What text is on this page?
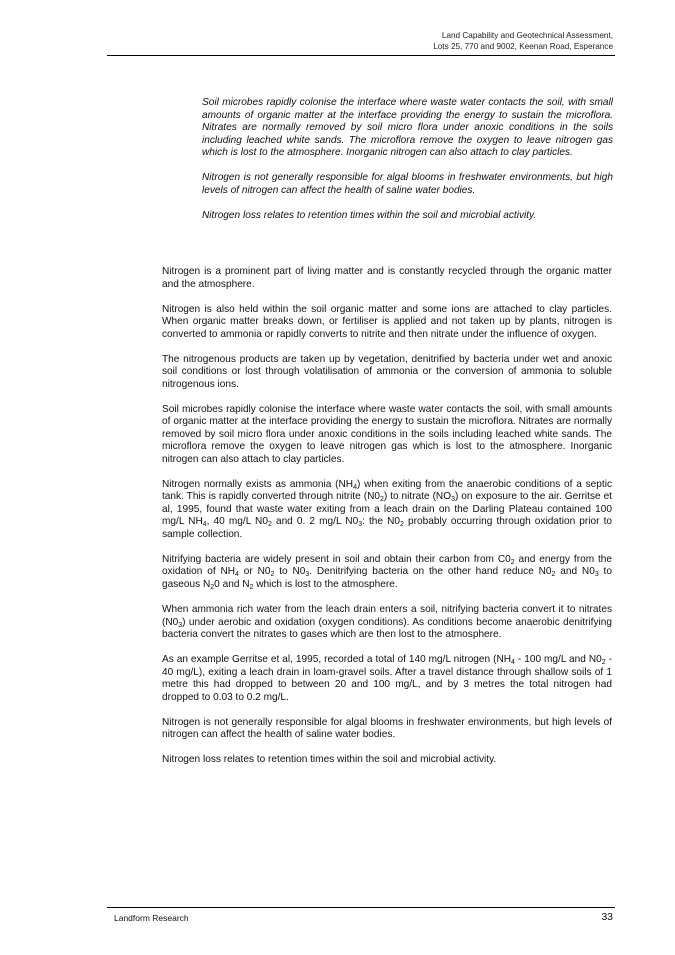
Land Capability and Geotechnical Assessment,
Lots 25, 770 and 9002, Keenan Road, Esperance

Soil microbes rapidly colonise the interface where waste water contacts the soil, with small amounts of organic matter at the interface providing the energy to sustain the microflora. Nitrates are normally removed by soil micro flora under anoxic conditions in the soils including leached white sands. The microflora remove the oxygen to leave nitrogen gas which is lost to the atmosphere. Inorganic nitrogen can also attach to clay particles.

Nitrogen is not generally responsible for algal blooms in freshwater environments, but high levels of nitrogen can affect the health of saline water bodies.

Nitrogen loss relates to retention times within the soil and microbial activity.

Nitrogen is a prominent part of living matter and is constantly recycled through the organic matter and the atmosphere.

Nitrogen is also held within the soil organic matter and some ions are attached to clay particles. When organic matter breaks down, or fertiliser is applied and not taken up by plants, nitrogen is converted to ammonia or rapidly converts to nitrite and then nitrate under the influence of oxygen.

The nitrogenous products are taken up by vegetation, denitrified by bacteria under wet and anoxic soil conditions or lost through volatilisation of ammonia or the conversion of ammonia to soluble nitrogenous ions.

Soil microbes rapidly colonise the interface where waste water contacts the soil, with small amounts of organic matter at the interface providing the energy to sustain the microflora. Nitrates are normally removed by soil micro flora under anoxic conditions in the soils including leached white sands. The microflora remove the oxygen to leave nitrogen gas which is lost to the atmosphere. Inorganic nitrogen can also attach to clay particles.

Nitrogen normally exists as ammonia $(NH_4)$ when exiting from the anaerobic conditions of a septic tank. This is rapidly converted through nitrite $(N0_2)$ to nitrate $(NO_3)$ on exposure to the air. Gerritse et al, 1995, found that waste water exiting from a leach drain on the Darling Plateau contained 100 mg/L $NH_4$, 40 mg/L $N0_2$ and 0. 2 mg/L $N0_3$: the $N0_2$ probably occurring through oxidation prior to sample collection.

Nitrifying bacteria are widely present in soil and obtain their carbon from $C0_2$ and energy from the oxidation of $NH_4$ or $N0_2$ to $N0_3$. Denitrifying bacteria on the other hand reduce $N0_2$ and $N0_3$ to gaseous $N_20$ and $N_2$ which is lost to the atmosphere.

When ammonia rich water from the leach drain enters a soil, nitrifying bacteria convert it to nitrates $(N0_3)$ under aerobic and oxidation (oxygen conditions). As conditions become anaerobic denitrifying bacteria convert the nitrates to gases which are then lost to the atmosphere.

As an example Gerritse et al, 1995, recorded a total of 140 mg/L nitrogen ($NH_4 - 100$ mg/L and $N0_2 - 40$ mg/L), exiting a leach drain in loam-gravel soils. After a travel distance through shallow soils of 1 metre this had dropped to between 20 and 100 mg/L, and by 3 metres the total nitrogen had dropped to 0.03 to 0.2 mg/L.

Nitrogen is not generally responsible for algal blooms in freshwater environments, but high levels of nitrogen can affect the health of saline water bodies.

Nitrogen loss relates to retention times within the soil and microbial activity.

Landform Research	33
